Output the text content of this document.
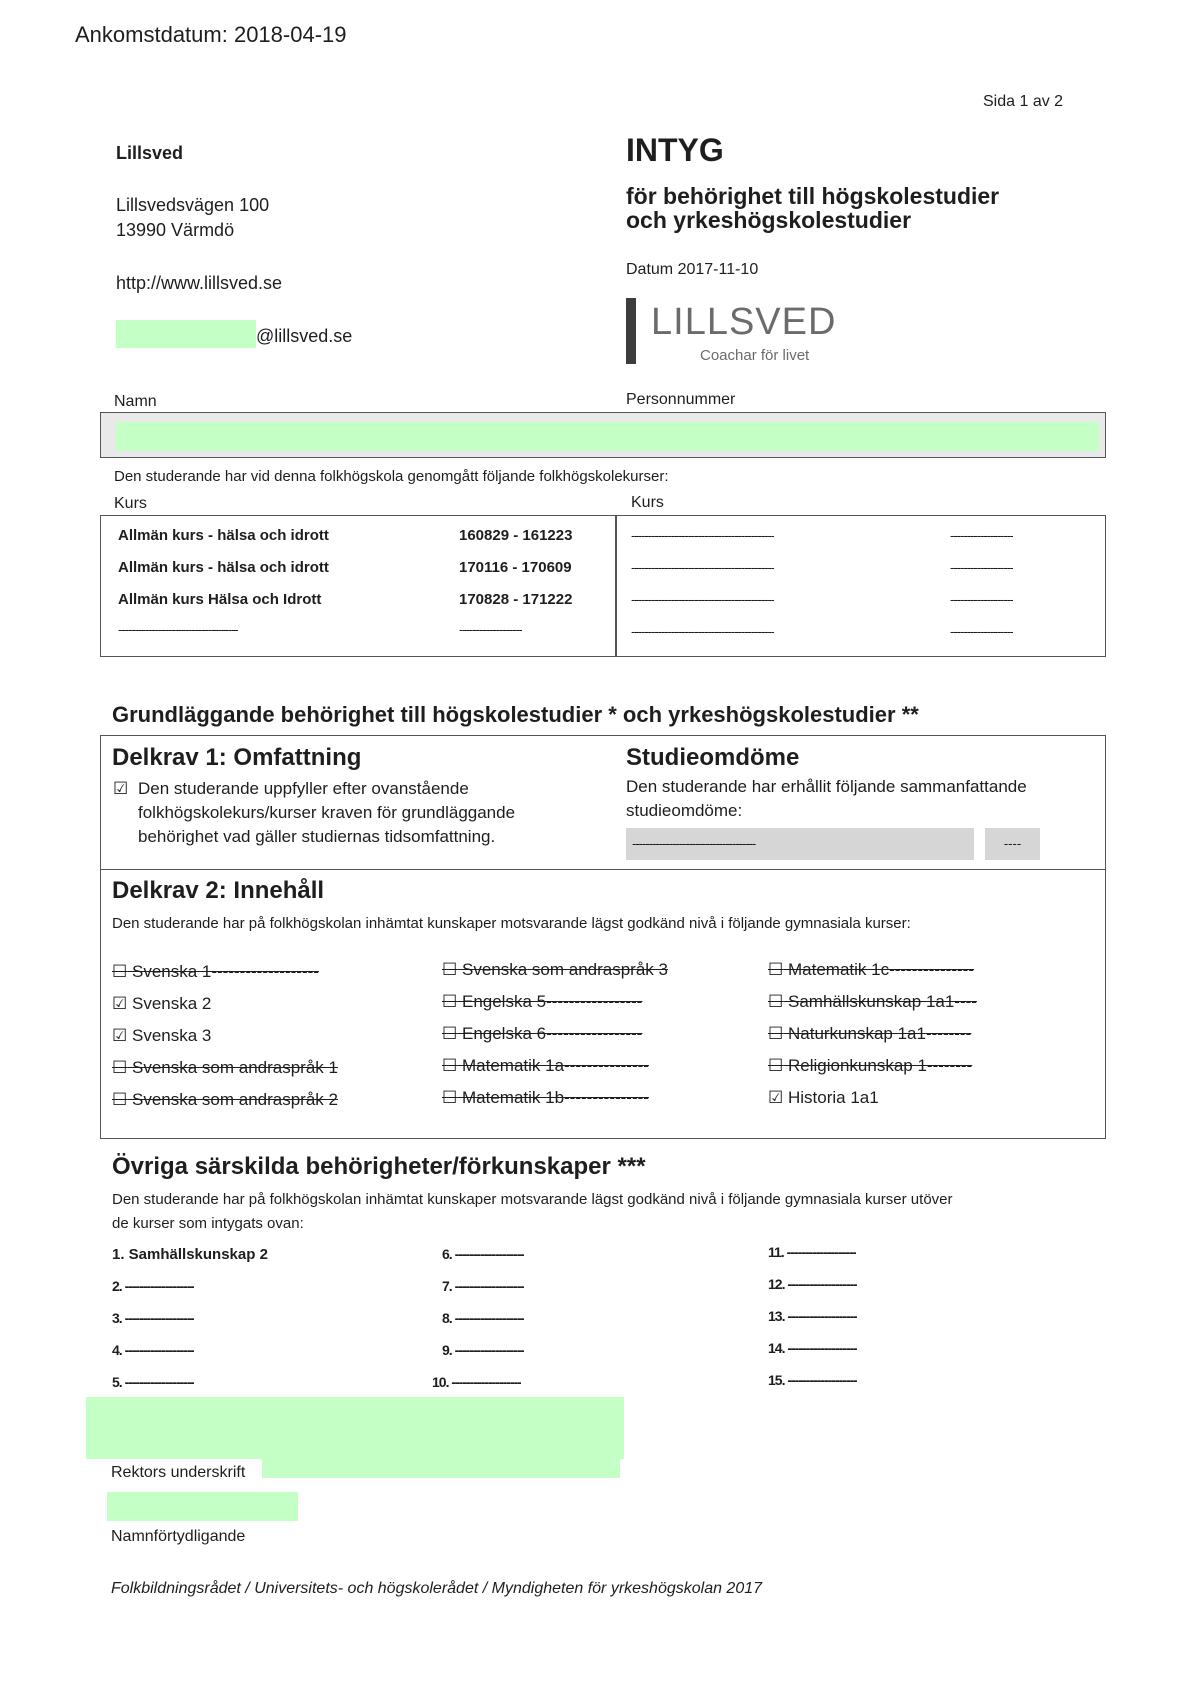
Ankomstdatum: 2018-04-19
Sida 1 av 2
Lillsved
Lillsvedsvägen 100
13990 Värmdö
http://www.lillsved.se
@lillsved.se
INTYG
för behörighet till högskolestudier
och yrkeshögskolestudier
Datum 2017-11-10
LILLSVED
Coachar för livet
Namn	Personnummer
Den studerande har vid denna folkhögskola genomgått följande folkhögskolekurser:
Kurs	Kurs
Allmän kurs - hälsa och idrott	160829 - 161223
Allmän kurs - hälsa och idrott	170116 - 170609
Allmän kurs Hälsa och Idrott	170828 - 171222
------------------------------------	-------------------
-------------------------------------------	-------------------
-------------------------------------------	-------------------
-------------------------------------------	-------------------
-------------------------------------------	-------------------
Grundläggande behörighet till högskolestudier * och yrkeshögskolestudier **
Delkrav 1: Omfattning
☑ Den studerande uppfyller efter ovanstående
folkhögskolekurs/kurser kraven för grundläggande
behörighet vad gäller studiernas tidsomfattning.
Studieomdöme
Den studerande har erhållit följande sammanfattande
studieomdöme:
-------------------------------------	----
Delkrav 2: Innehåll
Den studerande har på folkhögskolan inhämtat kunskaper motsvarande lägst godkänd nivå i följande gymnasiala kurser:
☐ Svenska 1-------------------
☑ Svenska 2
☑ Svenska 3
☐ Svenska som andraspråk 1
☐ Svenska som andraspråk 2
☐ Svenska som andraspråk 3
☐ Engelska 5-----------------
☐ Engelska 6-----------------
☐ Matematik 1a---------------
☐ Matematik 1b---------------
☐ Matematik 1c---------------
☐ Samhällskunskap 1a1----
☐ Naturkunskap 1a1--------
☐ Religionkunskap 1--------
☑ Historia 1a1
Övriga särskilda behörigheter/förkunskaper ***
Den studerande har på folkhögskolan inhämtat kunskaper motsvarande lägst godkänd nivå i följande gymnasiala kurser utöver
de kurser som intygats ovan:
1. Samhällskunskap 2
2. -------------------
3. -------------------
4. -------------------
5. -------------------
6. -------------------
7. -------------------
8. -------------------
9. -------------------
10. -------------------
11. -------------------
12. -------------------
13. -------------------
14. -------------------
15. -------------------
Rektors underskrift
Namnförtydligande
Folkbildningsrådet / Universitets- och högskolerådet / Myndigheten för yrkeshögskolan 2017
